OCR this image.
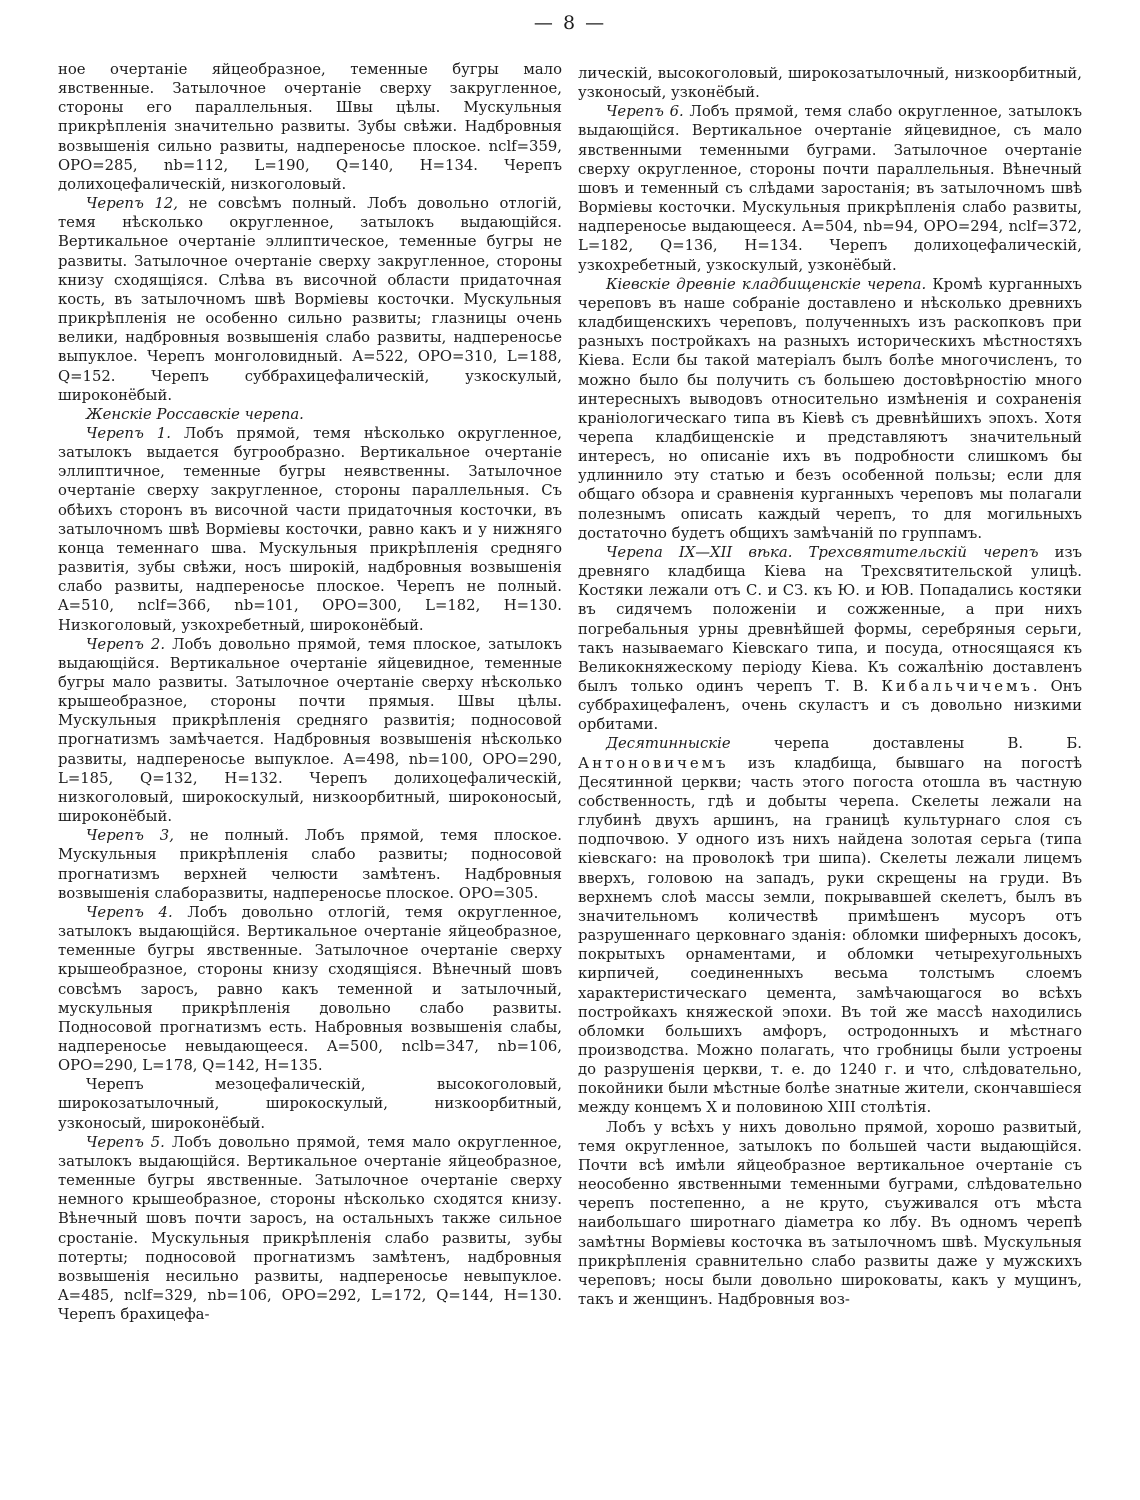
— 8 —

ное очертаніе яйцеобразное, теменные бугры мало явственные. Затылочное очертаніе сверху закругленное, стороны его параллельныя. Швы цѣлы. Мускульныя прикрѣпленія значительно развиты. Зубы свѣжи. Надбровныя возвышенія сильно развиты, надпереносье плоское. nclf=359, ОРО=285, nb=112, L=190, Q=140, H=134. Черепъ долихоцефалическій, низкоголовый.

Черепъ 12, не совсѣмъ полный. Лобъ довольно отлогій, темя нѣсколько округленное, затылокъ выдающійся. Вертикальное очертаніе эллиптическое, теменные бугры не развиты. Затылочное очертаніе сверху закругленное, стороны книзу сходящіяся. Слѣва въ височной области придаточная кость, въ затылочномъ швѣ Ворміевы косточки. Мускульныя прикрѣпленія не особенно сильно развиты; глазницы очень велики, надбровныя возвышенія слабо развиты, надпереносье выпуклое. Черепъ монголовидный. A=522, ОРО=310, L=188, Q=152. Черепъ суббрахицефалическій, узкоскулый, широконёбый.

Женскіе Россавскіе черепа.

Черепъ 1. Лобъ прямой, темя нѣсколько округленное, затылокъ выдается бугрообразно. Вертикальное очертаніе эллиптичное, теменные бугры неявственны. Затылочное очертаніе сверху закругленное, стороны параллельныя. Съ обѣихъ сторонъ въ височной части придаточныя косточки, въ затылочномъ швѣ Ворміевы косточки, равно какъ и у нижняго конца теменнаго шва. Мускульныя прикрѣпленія средняго развитія, зубы свѣжи, носъ широкій, надбровныя возвышенія слабо развиты, надпереносье плоское. Черепъ не полный. A=510, nclf=366, nb=101, ОРО=300, L=182, H=130. Низкоголовый, узкохребетный, широконёбый.

Черепъ 2. Лобъ довольно прямой, темя плоское, затылокъ выдающійся. Вертикальное очертаніе яйцевидное, теменные бугры мало развиты. Затылочное очертаніе сверху нѣсколько крышеобразное, стороны почти прямыя. Швы цѣлы. Мускульныя прикрѣпленія средняго развитія; подносовой прогнатизмъ замѣчается. Надбровныя возвышенія нѣсколько развиты, надпереносье выпуклое. A=498, nb=100, ОРО=290, L=185, Q=132, H=132. Черепъ долихоцефалическій, низкоголовый, широкоскулый, низкоорбитный, широконосый, широконёбый.

Черепъ 3, не полный. Лобъ прямой, темя плоское. Мускульныя прикрѣпленія слабо развиты; подносовой прогнатизмъ верхней челюсти замѣтенъ. Надбровныя возвышенія слаборазвиты, надпереносье плоское. ОРО=305.

Черепъ 4. Лобъ довольно отлогій, темя округленное, затылокъ выдающійся. Вертикальное очертаніе яйцеобразное, теменные бугры явственные. Затылочное очертаніе сверху крышеобразное, стороны книзу сходящіяся. Вѣнечный шовъ совсѣмъ заросъ, равно какъ теменной и затылочный, мускульныя прикрѣпленія довольно слабо развиты. Подносовой прогнатизмъ есть. Набровныя возвышенія слабы, надпереносье невыдающееся. A=500, nclb=347, nb=106, ОРО=290, L=178, Q=142, H=135.

Черепъ мезоцефалическій, высокоголовый, широкозатылочный, широкоскулый, низкоорбитный, узконосый, широконёбый.

Черепъ 5. Лобъ довольно прямой, темя мало округленное, затылокъ выдающійся. Вертикальное очертаніе яйцеобразное, теменные бугры явственные. Затылочное очертаніе сверху немного крышеобразное, стороны нѣсколько сходятся книзу. Вѣнечный шовъ почти заросъ, на остальныхъ также сильное сростаніе. Мускульныя прикрѣпленія слабо развиты, зубы потерты; подносовой прогнатизмъ замѣтенъ, надбровныя возвышенія несильно развиты, надпереносье невыпуклое. A=485, nclf=329, nb=106, ОРО=292, L=172, Q=144, H=130. Черепъ брахицефа-

лическій, высокоголовый, широкозатылочный, низкоорбитный, узконосый, узконёбый.

Черепъ 6. Лобъ прямой, темя слабо округленное, затылокъ выдающійся. Вертикальное очертаніе яйцевидное, съ мало явственными теменными буграми. Затылочное очертаніе сверху округленное, стороны почти параллельныя. Вѣнечный шовъ и теменный съ слѣдами заростанія; въ затылочномъ швѣ Ворміевы косточки. Мускульныя прикрѣпленія слабо развиты, надпереносье выдающееся. A=504, nb=94, ОРО=294, nclf=372, L=182, Q=136, H=134. Черепъ долихоцефалическій, узкохребетный, узкоскулый, узконёбый.

Кіевскіе древніе кладбищенскіе черепа. Кромѣ курганныхъ череповъ въ наше собраніе доставлено и нѣсколько древнихъ кладбищенскихъ череповъ, полученныхъ изъ раскопковъ при разныхъ постройкахъ на разныхъ историческихъ мѣстностяхъ Кіева. Если бы такой матеріалъ былъ болѣе многочисленъ, то можно было бы получить съ большею достовѣрностію много интересныхъ выводовъ относительно измѣненія и сохраненія краніологическаго типа въ Кіевѣ съ древнѣйшихъ эпохъ. Хотя черепа кладбищенскіе и представляютъ значительный интересъ, но описаніе ихъ въ подробности слишкомъ бы удлиннило эту статью и безъ особенной пользы; если для общаго обзора и сравненія курганныхъ череповъ мы полагали полезнымъ описать каждый черепъ, то для могильныхъ достаточно будетъ общихъ замѣчаній по группамъ.

Черепа IX—XII вѣка. Трехсвятительскій черепъ изъ древняго кладбища Кіева на Трехсвятительской улицѣ. Костяки лежали отъ С. и СЗ. къ Ю. и ЮВ. Попадались костяки въ сидячемъ положеніи и сожженные, а при нихъ погребальныя урны древнѣйшей формы, серебряныя серьги, такъ называемаго Кіевскаго типа, и посуда, относящаяся къ Великокняжескому періоду Кіева. Къ сожалѣнію доставленъ былъ только одинъ черепъ Т. В. Кибальчичемъ. Онъ суббрахицефаленъ, очень скуластъ и съ довольно низкими орбитами.

Десятинныскіе черепа доставлены В. Б. Антоновичемъ изъ кладбища, бывшаго на погостѣ Десятинной церкви; часть этого погоста отошла въ частную собственность, гдѣ и добыты черепа. Скелеты лежали на глубинѣ двухъ аршинъ, на границѣ культурнаго слоя съ подпочвою. У одного изъ нихъ найдена золотая серьга (типа кіевскаго: на проволокѣ три шипа). Скелеты лежали лицемъ вверхъ, головою на западъ, руки скрещены на груди. Въ верхнемъ слоѣ массы земли, покрывавшей скелетъ, былъ въ значительномъ количествѣ примѣшенъ мусоръ отъ разрушеннаго церковнаго зданія: обломки шиферныхъ досокъ, покрытыхъ орнаментами, и обломки четырехугольныхъ кирпичей, соединенныхъ весьма толстымъ слоемъ характеристическаго цемента, замѣчающагося во всѣхъ постройкахъ княжеской эпохи. Въ той же массѣ находились обломки большихъ амфоръ, остродонныхъ и мѣстнаго производства. Можно полагать, что гробницы были устроены до разрушенія церкви, т. е. до 1240 г. и что, слѣдовательно, покойники были мѣстные болѣе знатные жители, скончавшіеся между концемъ X и половиною XIII столѣтія.

Лобъ у всѣхъ у нихъ довольно прямой, хорошо развитый, темя округленное, затылокъ по большей части выдающійся. Почти всѣ имѣли яйцеобразное вертикальное очертаніе съ неособенно явственными теменными буграми, слѣдовательно черепъ постепенно, а не круто, съуживался отъ мѣста наибольшаго широтнаго діаметра ко лбу. Въ одномъ черепѣ замѣтны Ворміевы косточка въ затылочномъ швѣ. Мускульныя прикрѣпленія сравнительно слабо развиты даже у мужскихъ череповъ; носы были довольно широковаты, какъ у мущинъ, такъ и женщинъ. Надбровныя воз-
